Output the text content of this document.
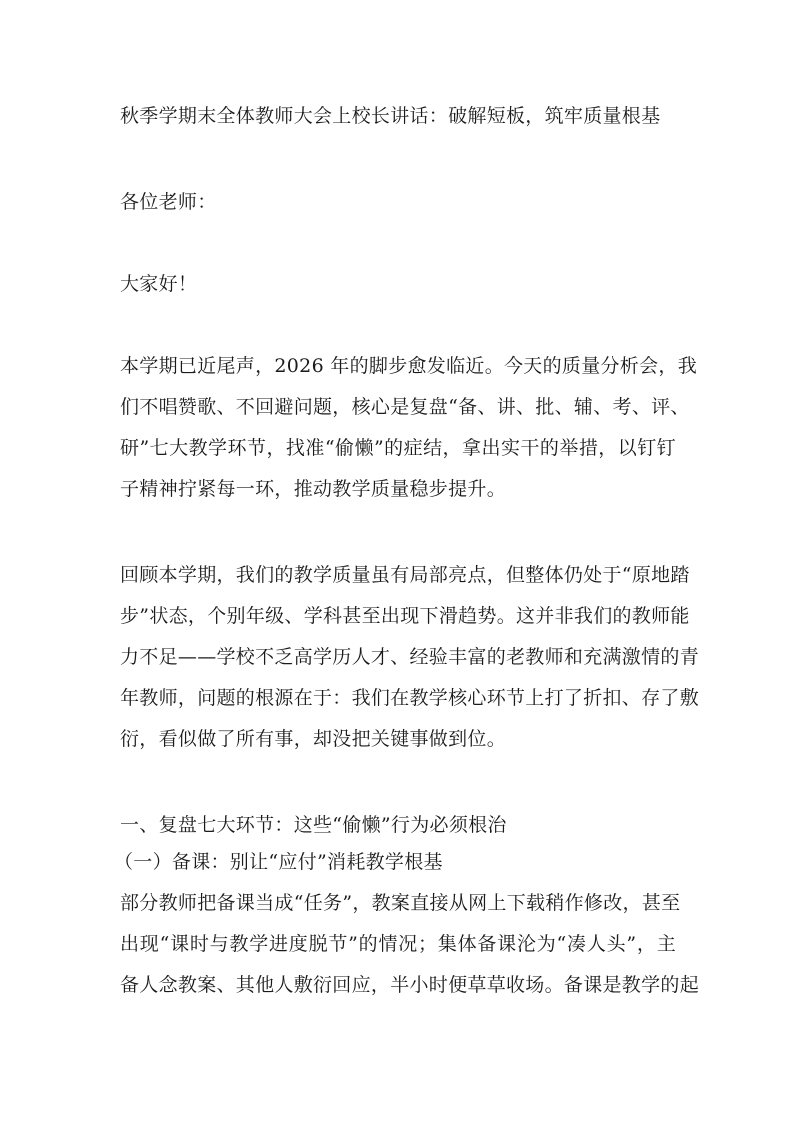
秋季学期末全体教师大会上校长讲话：破解短板，筑牢质量根基
各位老师：
大家好！
本学期已近尾声，2026 年的脚步愈发临近。今天的质量分析会，我
们不唱赞歌、不回避问题，核心是复盘“备、讲、批、辅、考、评、
研”七大教学环节，找准“偷懒”的症结，拿出实干的举措，以钉钉
子精神拧紧每一环，推动教学质量稳步提升。
回顾本学期，我们的教学质量虽有局部亮点，但整体仍处于“原地踏
步”状态，个别年级、学科甚至出现下滑趋势。这并非我们的教师能
力不足——学校不乏高学历人才、经验丰富的老教师和充满激情的青
年教师，问题的根源在于：我们在教学核心环节上打了折扣、存了敷
衍，看似做了所有事，却没把关键事做到位。
一、复盘七大环节：这些“偷懒”行为必须根治
（一）备课：别让“应付”消耗教学根基
部分教师把备课当成“任务”，教案直接从网上下载稍作修改，甚至
出现“课时与教学进度脱节”的情况；集体备课沦为“凑人头”，主
备人念教案、其他人敷衍回应，半小时便草草收场。备课是教学的起
